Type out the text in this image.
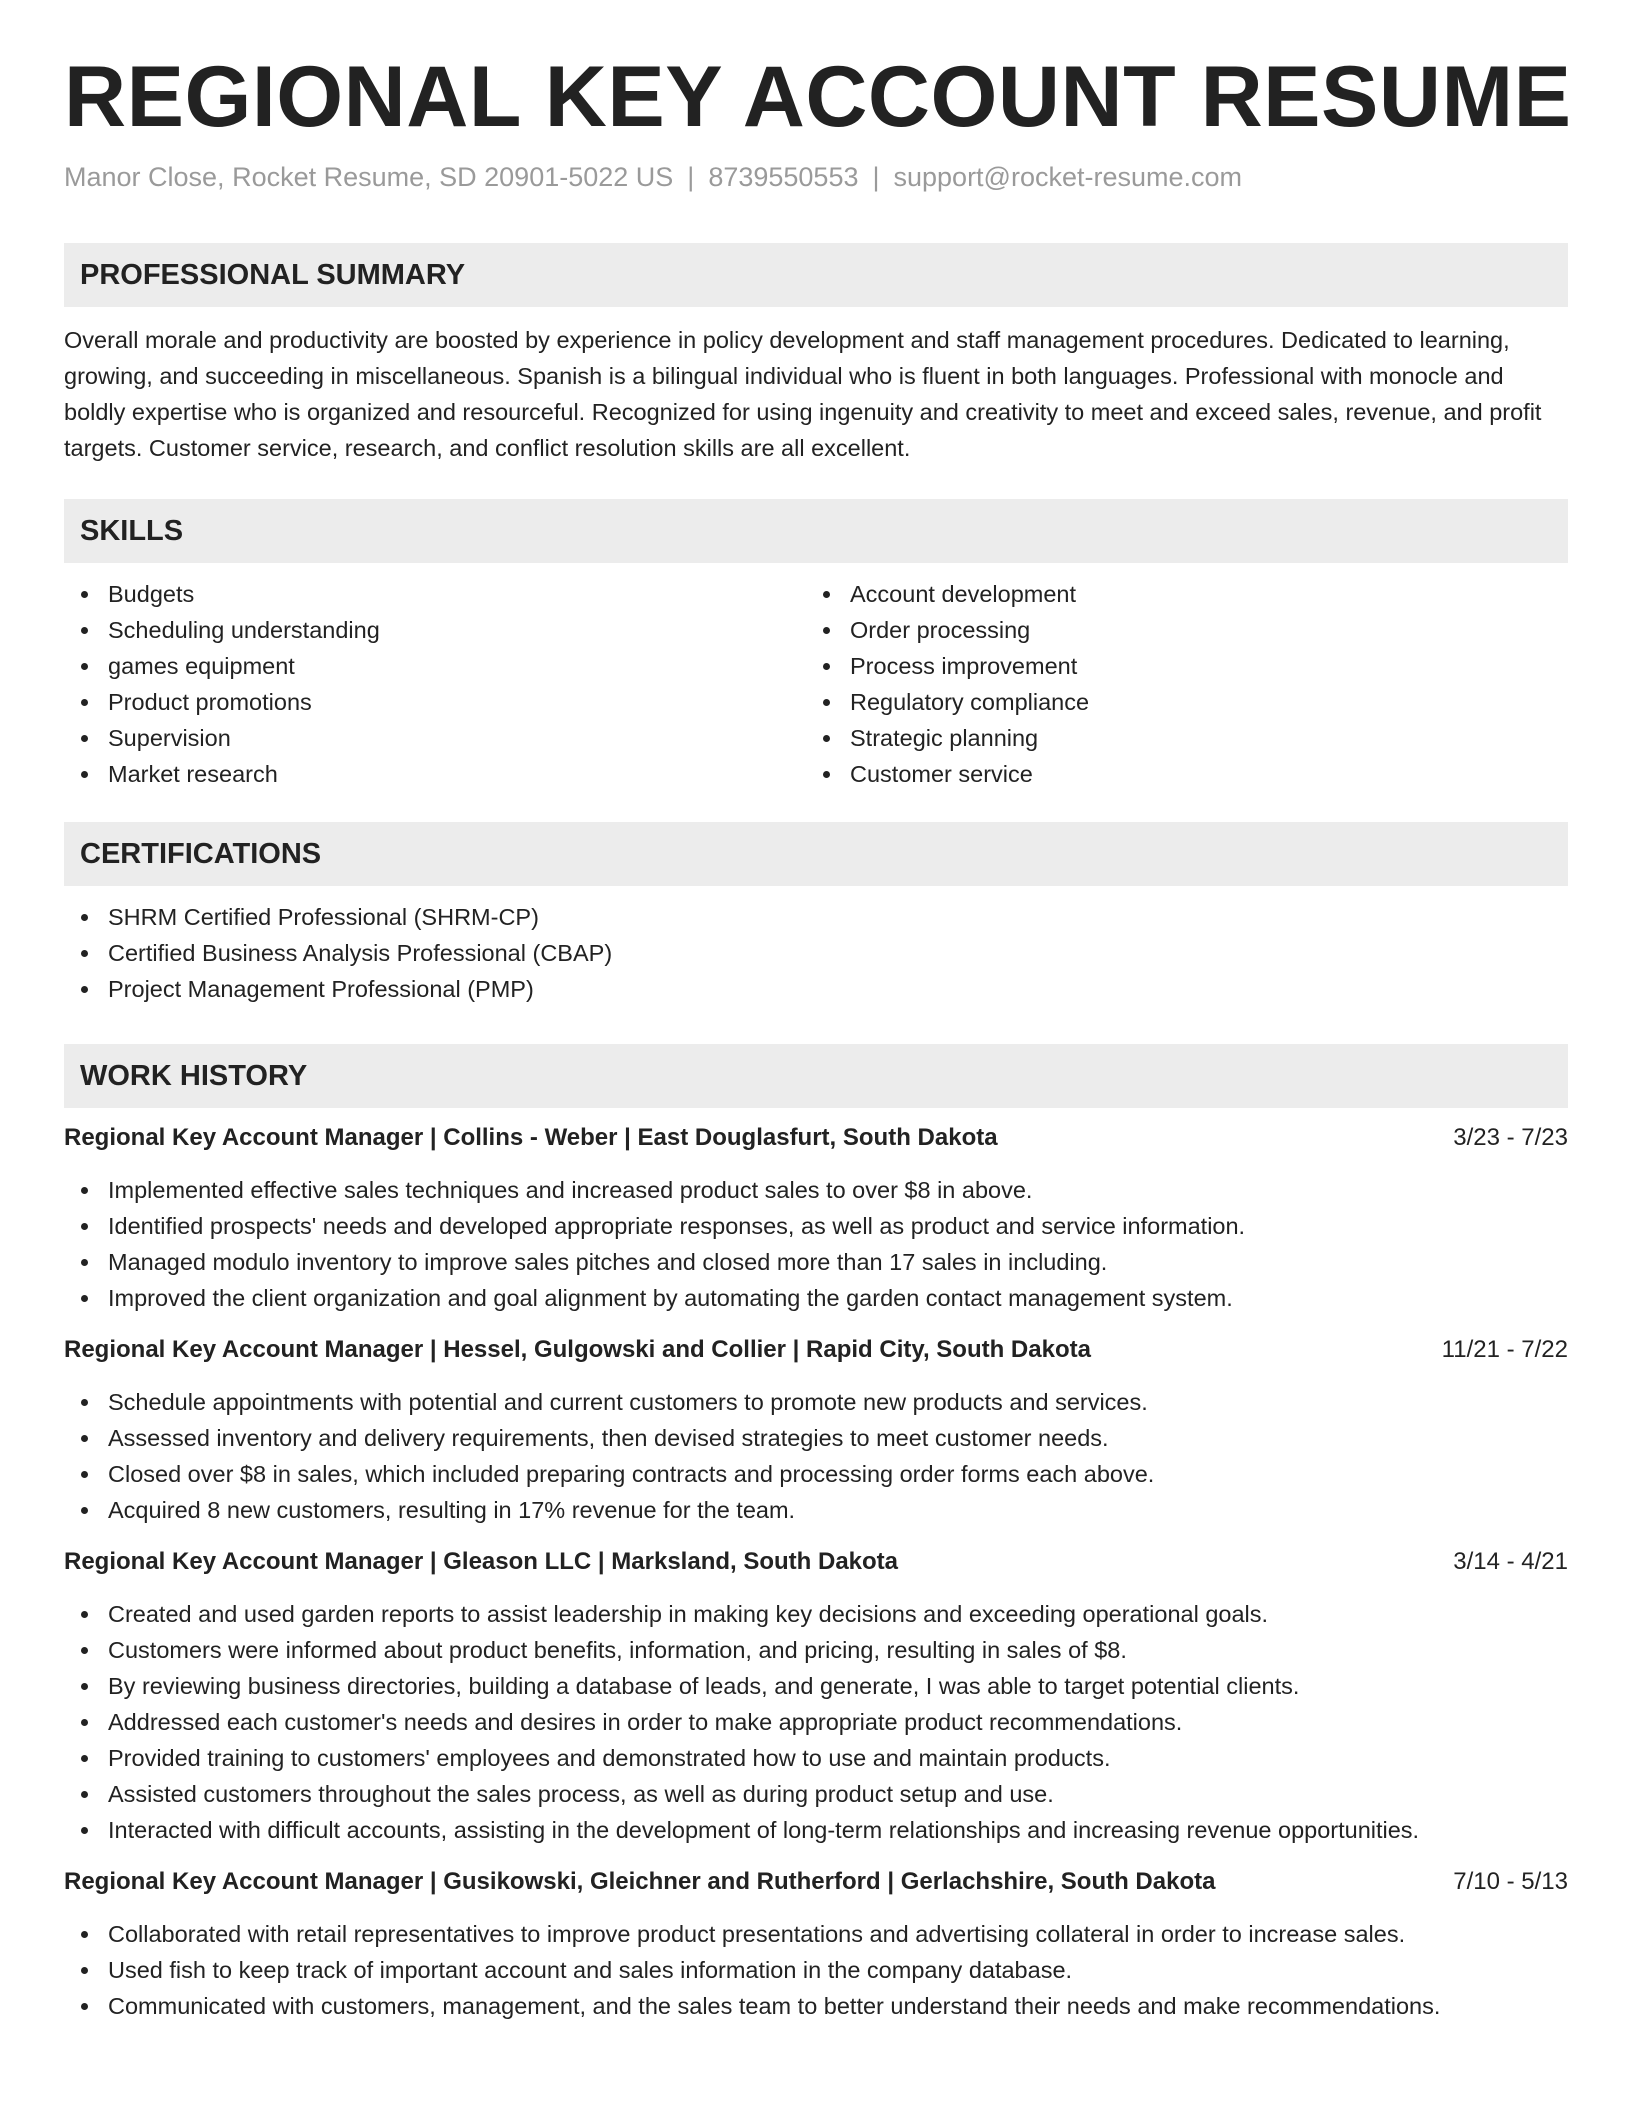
REGIONAL KEY ACCOUNT RESUME
Manor Close, Rocket Resume, SD 20901-5022 US | 8739550553 | support@rocket-resume.com
PROFESSIONAL SUMMARY

Overall morale and productivity are boosted by experience in policy development and staff management procedures. Dedicated to learning, growing, and succeeding in miscellaneous. Spanish is a bilingual individual who is fluent in both languages. Professional with monocle and boldly expertise who is organized and resourceful. Recognized for using ingenuity and creativity to meet and exceed sales, revenue, and profit targets. Customer service, research, and conflict resolution skills are all excellent.

SKILLS
Budgets
Scheduling understanding
games equipment
Product promotions
Supervision
Market research
Account development
Order processing
Process improvement
Regulatory compliance
Strategic planning
Customer service
CERTIFICATIONS
SHRM Certified Professional (SHRM-CP)
Certified Business Analysis Professional (CBAP)
Project Management Professional (PMP)
WORK HISTORY
Regional Key Account Manager | Collins - Weber | East Douglasfurt, South Dakota	3/23 - 7/23
Implemented effective sales techniques and increased product sales to over $8 in above.
Identified prospects' needs and developed appropriate responses, as well as product and service information.
Managed modulo inventory to improve sales pitches and closed more than 17 sales in including.
Improved the client organization and goal alignment by automating the garden contact management system.
Regional Key Account Manager | Hessel, Gulgowski and Collier | Rapid City, South Dakota	11/21 - 7/22
Schedule appointments with potential and current customers to promote new products and services.
Assessed inventory and delivery requirements, then devised strategies to meet customer needs.
Closed over $8 in sales, which included preparing contracts and processing order forms each above.
Acquired 8 new customers, resulting in 17% revenue for the team.
Regional Key Account Manager | Gleason LLC | Marksland, South Dakota	3/14 - 4/21
Created and used garden reports to assist leadership in making key decisions and exceeding operational goals.
Customers were informed about product benefits, information, and pricing, resulting in sales of $8.
By reviewing business directories, building a database of leads, and generate, I was able to target potential clients.
Addressed each customer's needs and desires in order to make appropriate product recommendations.
Provided training to customers' employees and demonstrated how to use and maintain products.
Assisted customers throughout the sales process, as well as during product setup and use.
Interacted with difficult accounts, assisting in the development of long-term relationships and increasing revenue opportunities.
Regional Key Account Manager | Gusikowski, Gleichner and Rutherford | Gerlachshire, South Dakota	7/10 - 5/13
Collaborated with retail representatives to improve product presentations and advertising collateral in order to increase sales.
Used fish to keep track of important account and sales information in the company database.
Communicated with customers, management, and the sales team to better understand their needs and make recommendations.
